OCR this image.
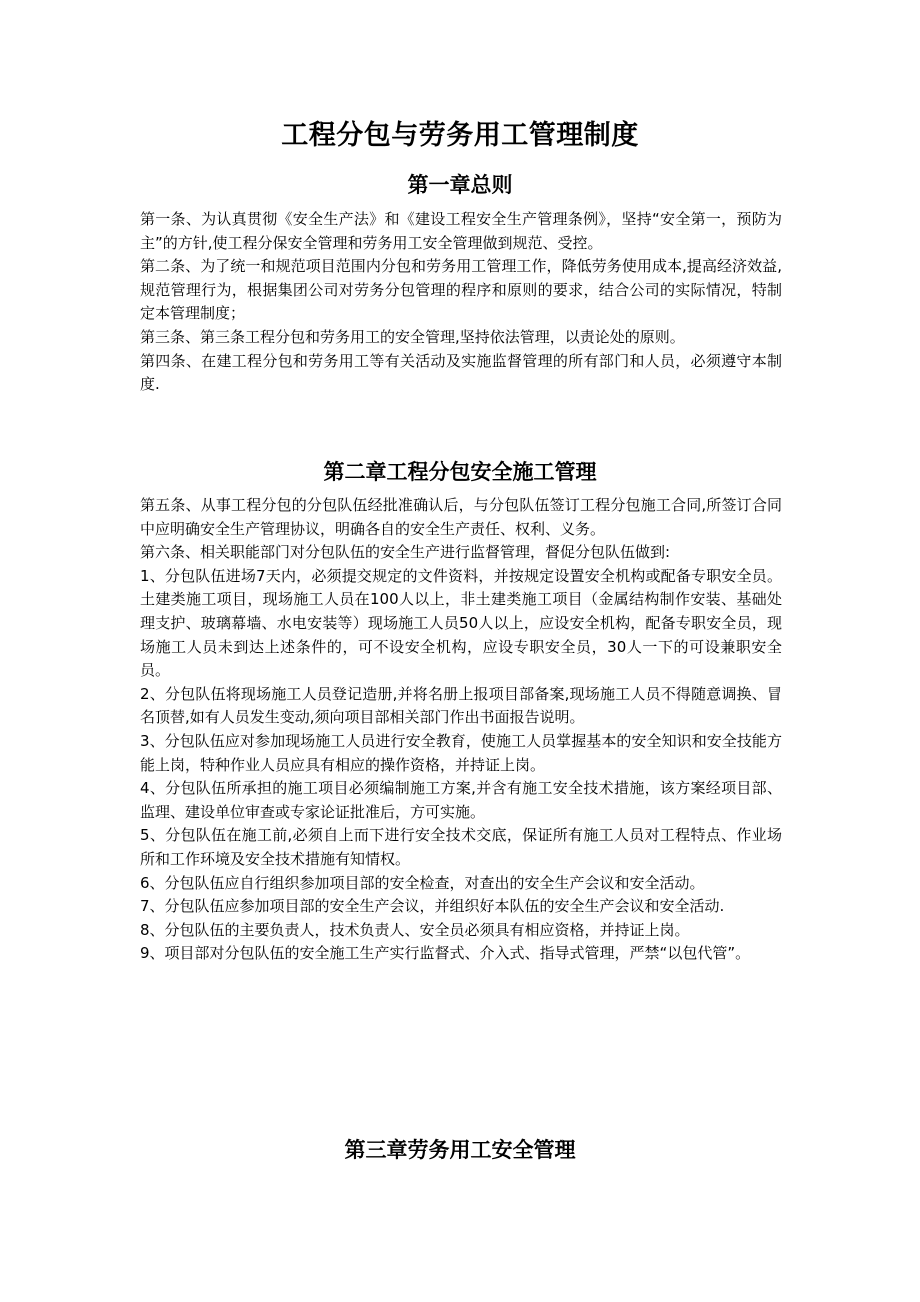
工程分包与劳务用工管理制度
第一章总则

第一条、为认真贯彻《安全生产法》和《建设工程安全生产管理条例》，坚持“安全第一，预防为主”的方针,使工程分保安全管理和劳务用工安全管理做到规范、受控。

第二条、为了统一和规范项目范围内分包和劳务用工管理工作，降低劳务使用成本,提高经济效益,规范管理行为，根据集团公司对劳务分包管理的程序和原则的要求，结合公司的实际情况，特制定本管理制度；

第三条、第三条工程分包和劳务用工的安全管理,坚持依法管理，以责论处的原则。

第四条、在建工程分包和劳务用工等有关活动及实施监督管理的所有部门和人员，必须遵守本制度.

第二章工程分包安全施工管理

第五条、从事工程分包的分包队伍经批准确认后，与分包队伍签订工程分包施工合同,所签订合同中应明确安全生产管理协议，明确各自的安全生产责任、权利、义务。

第六条、相关职能部门对分包队伍的安全生产进行监督管理，督促分包队伍做到:

1、分包队伍进场7天内，必须提交规定的文件资料，并按规定设置安全机构或配备专职安全员。土建类施工项目，现场施工人员在100人以上，非土建类施工项目（金属结构制作安装、基础处理支护、玻璃幕墙、水电安装等）现场施工人员50人以上，应设安全机构，配备专职安全员，现场施工人员未到达上述条件的，可不设安全机构，应设专职安全员，30人一下的可设兼职安全员。

2、分包队伍将现场施工人员登记造册,并将名册上报项目部备案,现场施工人员不得随意调换、冒名顶替,如有人员发生变动,须向项目部相关部门作出书面报告说明。

3、分包队伍应对参加现场施工人员进行安全教育，使施工人员掌握基本的安全知识和安全技能方能上岗，特种作业人员应具有相应的操作资格，并持证上岗。

4、分包队伍所承担的施工项目必须编制施工方案,并含有施工安全技术措施，该方案经项目部、监理、建设单位审查或专家论证批准后，方可实施。

5、分包队伍在施工前,必须自上而下进行安全技术交底，保证所有施工人员对工程特点、作业场所和工作环境及安全技术措施有知情权。

6、分包队伍应自行组织参加项目部的安全检查，对查出的安全生产会议和安全活动。

7、分包队伍应参加项目部的安全生产会议，并组织好本队伍的安全生产会议和安全活动.

8、分包队伍的主要负责人，技术负责人、安全员必须具有相应资格，并持证上岗。

9、项目部对分包队伍的安全施工生产实行监督式、介入式、指导式管理，严禁“以包代管”。

第三章劳务用工安全管理
